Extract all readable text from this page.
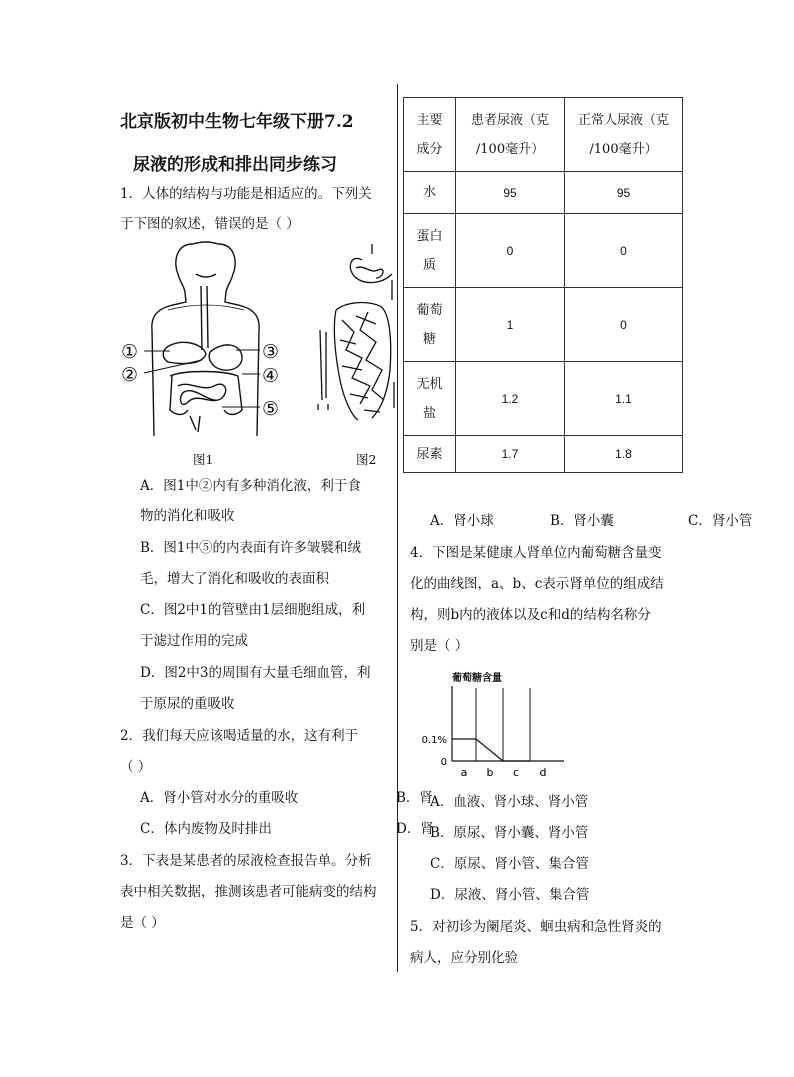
北京版初中生物七年级下册7.2
尿液的形成和排出同步练习
1．人体的结构与功能是相适应的。下列关
于下图的叙述，错误的是（ ）
①
②
③
④
⑤
图1	图2
A．图1中②内有多种消化液，利于食
物的消化和吸收
B．图1中⑤的内表面有许多皱襞和绒
毛，增大了消化和吸收的表面积
C．图2中1的管壁由1层细胞组成，利
于滤过作用的完成
D．图2中3的周围有大量毛细血管，利
于原尿的重吸收
2．我们每天应该喝适量的水，这有利于
（ ）
A．肾小管对水分的重吸收
C．体内废物及时排出
3．下表是某患者的尿液检查报告单。分析
表中相关数据，推测该患者可能病变的结构
是（ ）
主要
成分	患者尿液（克
/100毫升）	正常人尿液（克
/100毫升）
水	95	95
蛋白
质	0	0
葡萄
糖	1	0
无机
盐	1.2	1.1
尿素	1.7	1.8
A．肾小球	B．肾小囊	C．肾小管
4．下图是某健康人肾单位内葡萄糖含量变
化的曲线图，a、b、c表示肾单位的组成结
构，则b内的液体以及c和d的结构名称分
别是（ ）
葡萄糖含量
0.1%
0
a b c d
B．肾
A．血液、肾小球、肾小管
D．肾
B．原尿、肾小囊、肾小管
C．原尿、肾小管、集合管
D．尿液、肾小管、集合管
5．对初诊为阑尾炎、蛔虫病和急性肾炎的
病人，应分别化验
